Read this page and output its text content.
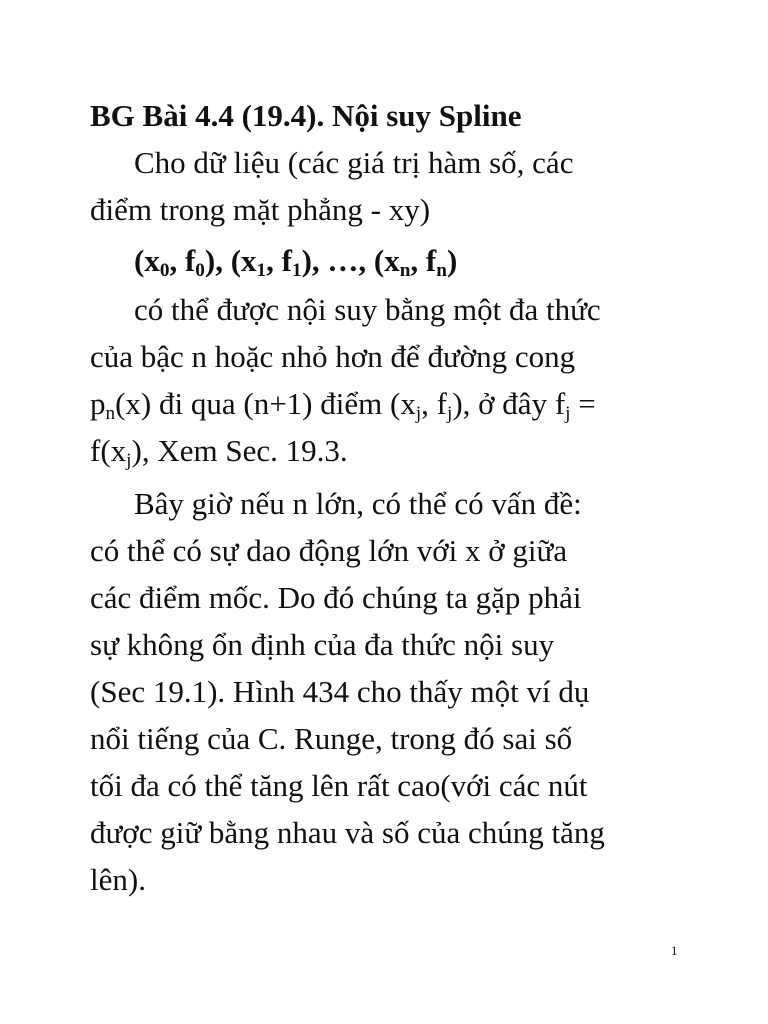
BG Bài 4.4 (19.4). Nội suy Spline

Cho dữ liệu (các giá trị hàm số, các
điểm trong mặt phẳng - xy)

($x_0$, $f_0$), ($x_1$, $f_1$), …, ($x_n$, $f_n$)

có thể được nội suy bằng một đa thức
của bậc n hoặc nhỏ hơn để đường cong
$p_n(x)$ đi qua (n+1) điểm ($x_j$, $f_j$), ở đây $f_j$ =
$f(x_j)$, Xem Sec. 19.3.

Bây giờ nếu n lớn, có thể có vấn đề:
có thể có sự dao động lớn với x ở giữa
các điểm mốc. Do đó chúng ta gặp phải
sự không ổn định của đa thức nội suy
(Sec 19.1). Hình 434 cho thấy một ví dụ
nổi tiếng của C. Runge, trong đó sai số
tối đa có thể tăng lên rất cao(với các nút
được giữ bằng nhau và số của chúng tăng
lên).

1
